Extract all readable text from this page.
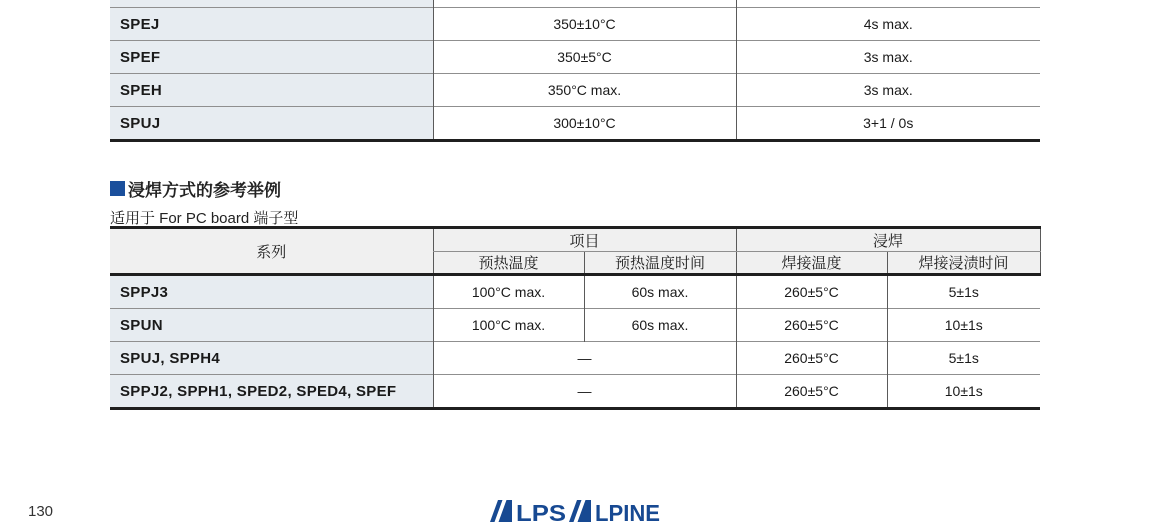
SPEJ	350±10°C	4s max.
SPEF	350±5°C	3s max.
SPEH	350°C max.	3s max.
SPUJ	300±10°C	3+1 / 0s
浸焊方式的参考举例
适用于 For PC board 端子型
系列	项目		浸焊	
	预热温度	预热温度时间	焊接温度	焊接浸渍时间
SPPJ3	100°C max.	60s max.	260±5°C	5±1s
SPUN	100°C max.	60s max.	260±5°C	10±1s
SPUJ, SPPH4	—		260±5°C	5±1s
SPPJ2, SPPH1, SPED2, SPED4, SPEF	—		260±5°C	10±1s
130	LPS LPINE
